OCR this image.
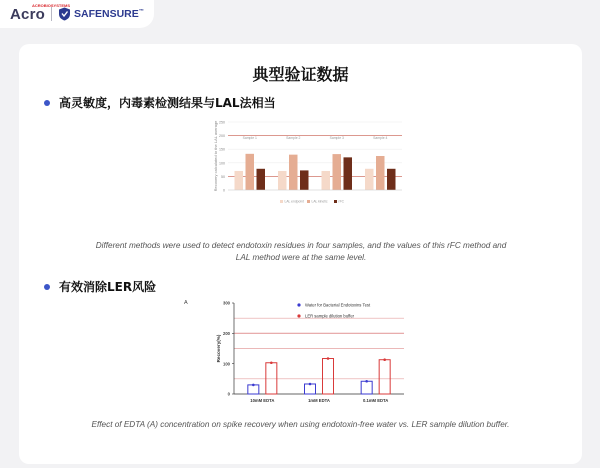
Acro
ACROBIOSYSTEMS
SAFENSURE™
典型验证数据
高灵敏度，内毒素检测结果与LAL法相当
0
50
100
150
200
250
Sample 1	Sample 2	Sample 3	Sample 4
Recovery calculated to the LAL average
LAL endpoint LAL kinetic	rFC
Different methods were used to detect endotoxin residues in four samples, and the values of this rFC method and LAL method were at the same level.
有效消除LER风险
A
0
100
200
300
Recovery(%)
10mM EDTA	1mM EDTA	0.1mM EDTA
Water for Bacterial Endotoxins Test
LER sample dilution buffer
Effect of EDTA (A) concentration on spike recovery when using endotoxin-free water vs. LER sample dilution buffer.
